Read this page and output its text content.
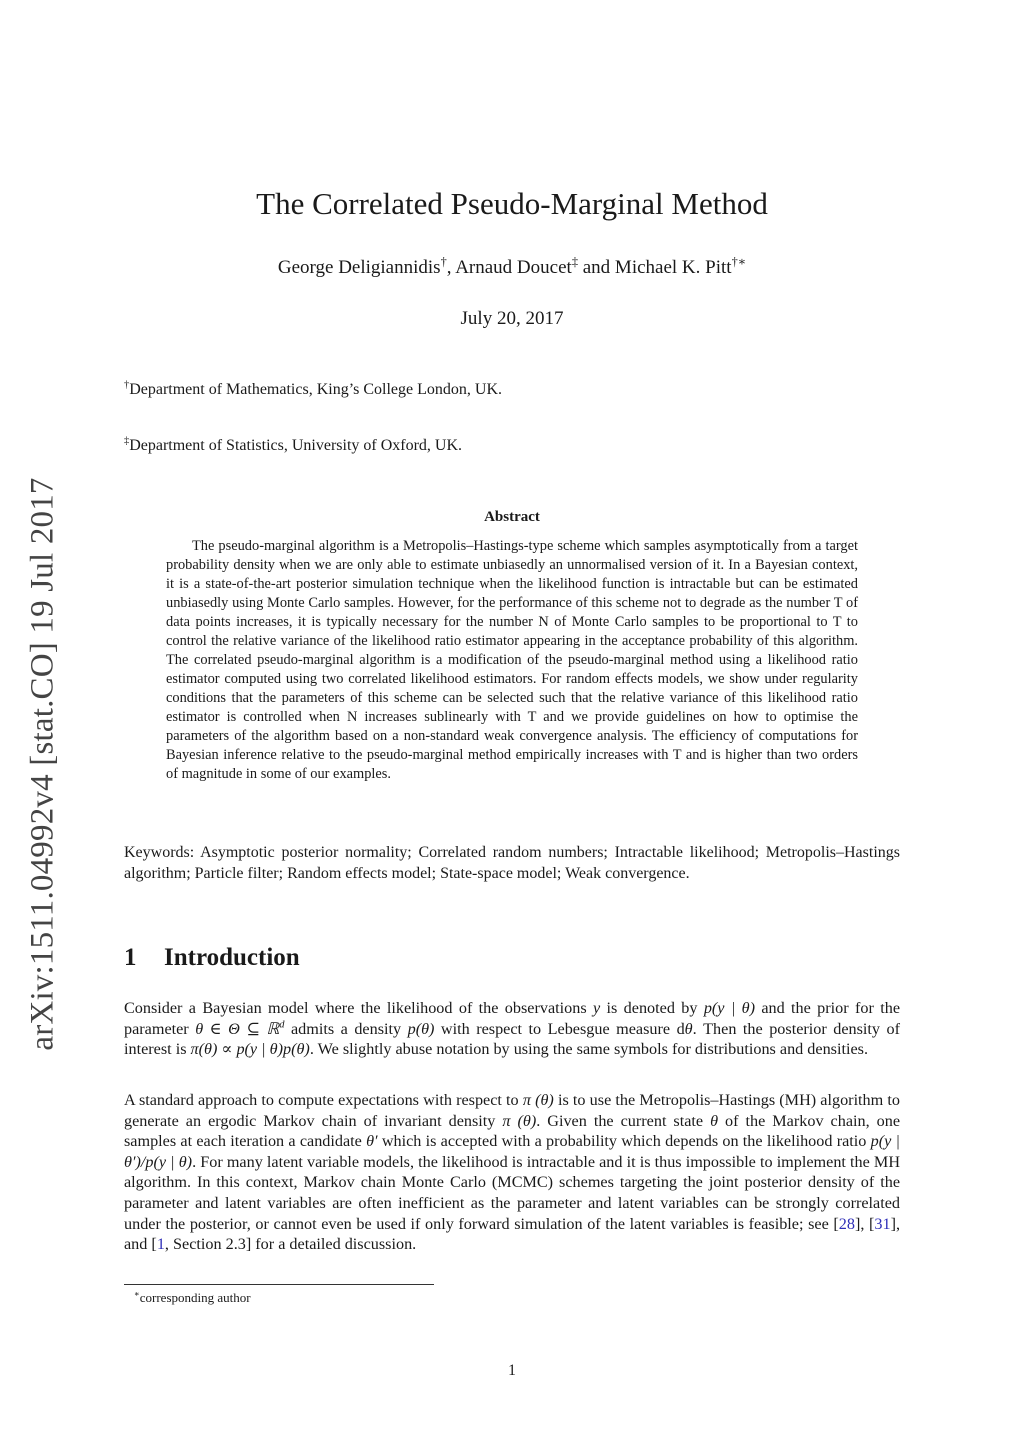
arXiv:1511.04992v4 [stat.CO] 19 Jul 2017
The Correlated Pseudo-Marginal Method
George Deligiannidis†, Arnaud Doucet‡ and Michael K. Pitt†∗
July 20, 2017
†Department of Mathematics, King’s College London, UK.
‡Department of Statistics, University of Oxford, UK.
Abstract

The pseudo-marginal algorithm is a Metropolis–Hastings-type scheme which samples asymptotically from a target probability density when we are only able to estimate unbiasedly an unnormalised version of it. In a Bayesian context, it is a state-of-the-art posterior simulation technique when the likelihood function is intractable but can be estimated unbiasedly using Monte Carlo samples. However, for the performance of this scheme not to degrade as the number T of data points increases, it is typically necessary for the number N of Monte Carlo samples to be proportional to T to control the relative variance of the likelihood ratio estimator appearing in the acceptance probability of this algorithm. The correlated pseudo-marginal algorithm is a modification of the pseudo-marginal method using a likelihood ratio estimator computed using two correlated likelihood estimators. For random effects models, we show under regularity conditions that the parameters of this scheme can be selected such that the relative variance of this likelihood ratio estimator is controlled when N increases sublinearly with T and we provide guidelines on how to optimise the parameters of the algorithm based on a non-standard weak convergence analysis. The efficiency of computations for Bayesian inference relative to the pseudo-marginal method empirically increases with T and is higher than two orders of magnitude in some of our examples.

Keywords: Asymptotic posterior normality; Correlated random numbers; Intractable likelihood; Metropolis–Hastings algorithm; Particle filter; Random effects model; State-space model; Weak convergence.

1 Introduction

Consider a Bayesian model where the likelihood of the observations y is denoted by p(y | θ) and the prior for the parameter θ ∈ Θ ⊆ ℝ$^d$ admits a density p(θ) with respect to Lebesgue measure dθ. Then the posterior density of interest is π(θ) ∝ p(y | θ)p(θ). We slightly abuse notation by using the same symbols for distributions and densities.

A standard approach to compute expectations with respect to π (θ) is to use the Metropolis–Hastings (MH) algorithm to generate an ergodic Markov chain of invariant density π (θ). Given the current state θ of the Markov chain, one samples at each iteration a candidate θ′ which is accepted with a probability which depends on the likelihood ratio p(y | θ′)/p(y | θ). For many latent variable models, the likelihood is intractable and it is thus impossible to implement the MH algorithm. In this context, Markov chain Monte Carlo (MCMC) schemes targeting the joint posterior density of the parameter and latent variables are often inefficient as the parameter and latent variables can be strongly correlated under the posterior, or cannot even be used if only forward simulation of the latent variables is feasible; see [28], [31], and [1, Section 2.3] for a detailed discussion.

∗corresponding author
1
